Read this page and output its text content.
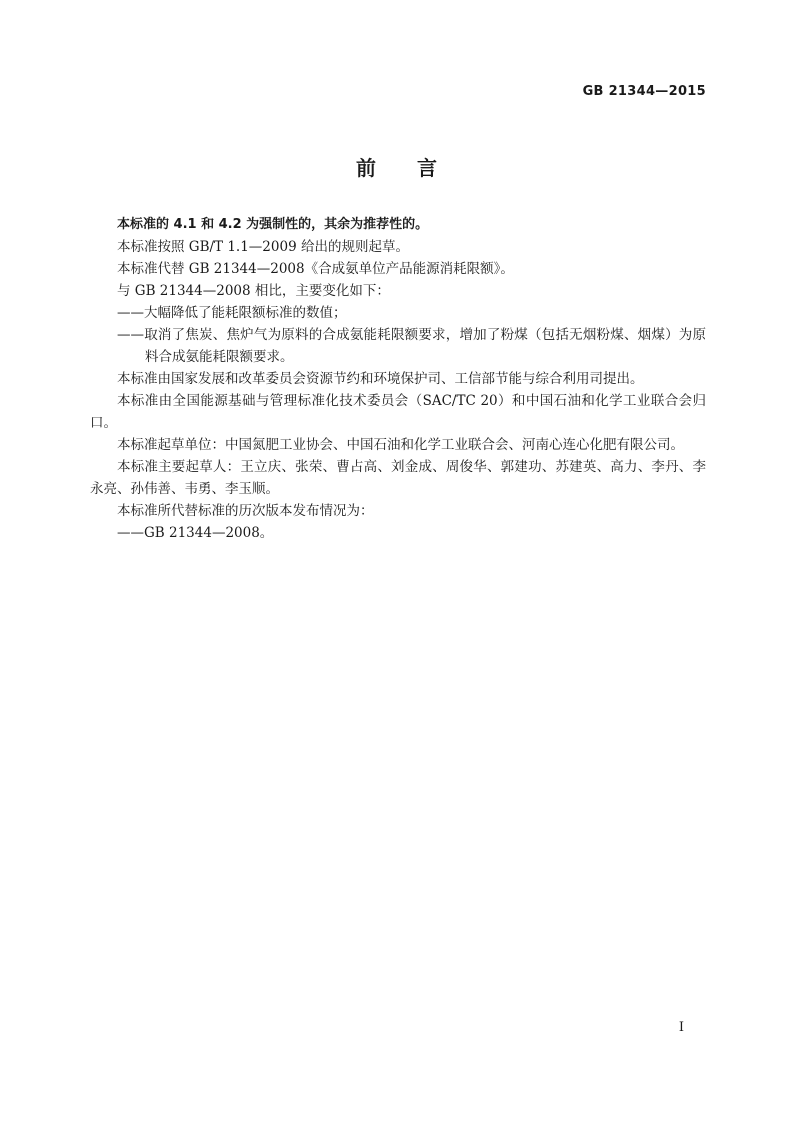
GB 21344—2015
前 言

本标准的 4.1 和 4.2 为强制性的，其余为推荐性的。

本标准按照 GB/T 1.1—2009 给出的规则起草。

本标准代替 GB 21344—2008《合成氨单位产品能源消耗限额》。

与 GB 21344—2008 相比，主要变化如下：

——大幅降低了能耗限额标准的数值；

——取消了焦炭、焦炉气为原料的合成氨能耗限额要求，增加了粉煤（包括无烟粉煤、烟煤）为原料合成氨能耗限额要求。

本标准由国家发展和改革委员会资源节约和环境保护司、工信部节能与综合利用司提出。

本标准由全国能源基础与管理标准化技术委员会（SAC/TC 20）和中国石油和化学工业联合会归口。

本标准起草单位：中国氮肥工业协会、中国石油和化学工业联合会、河南心连心化肥有限公司。

本标准主要起草人：王立庆、张荣、曹占高、刘金成、周俊华、郭建功、苏建英、高力、李丹、李永亮、孙伟善、韦勇、李玉顺。

本标准所代替标准的历次版本发布情况为：

——GB 21344—2008。

I
